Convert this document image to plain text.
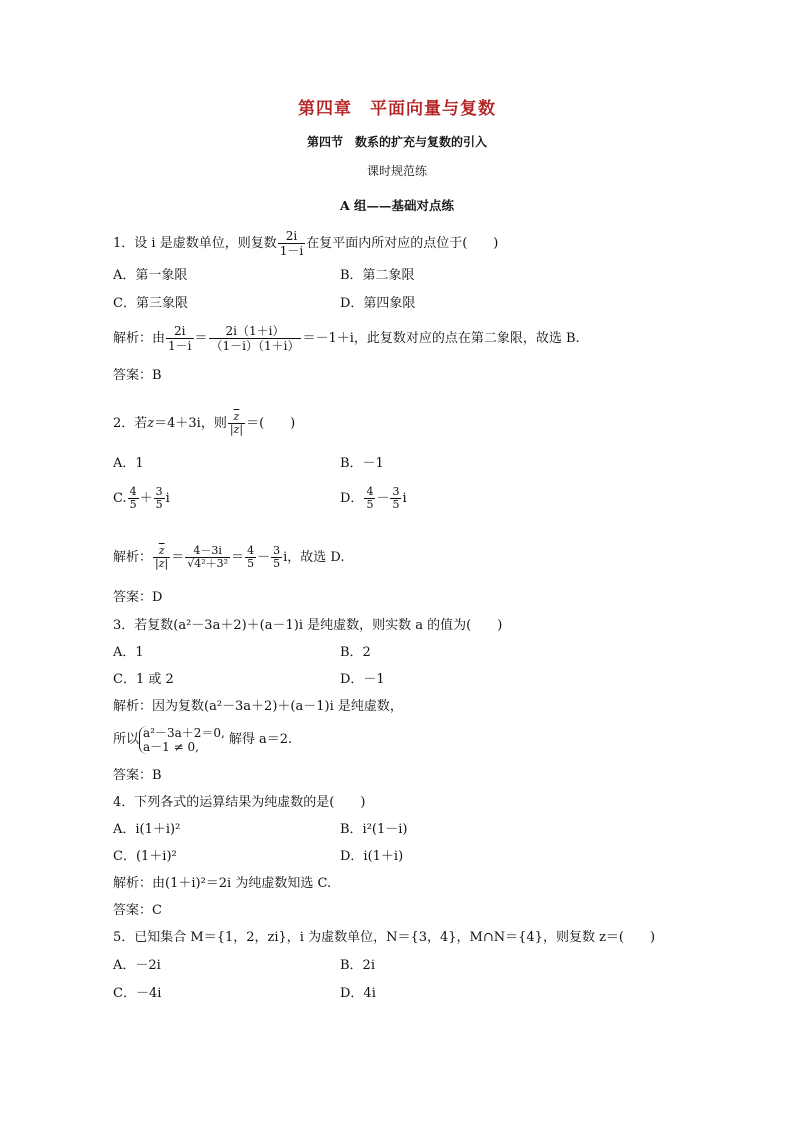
第四章　平面向量与复数
第四节　数系的扩充与复数的引入
课时规范练
A 组——基础对点练
1．设 i 是虚数单位，则复数 $\frac{2i}{1-i}$ 在复平面内所对应的点位于(　　)
A．第一象限	B．第二象限
C．第三象限	D．第四象限
解析：由 $\frac{2i}{1-i} = \frac{2i(1+i)}{(1-i)(1+i)} =-1+i$，此复数对应的点在第二象限，故选 B.
答案：B
2．若z＝4＋3i，则 $\frac{\overline{z}}{|z|}$ ＝(　　)
A．1	B．－1
C. $\frac{4}{5} + \frac{3}{5}$ i	D． $\frac{4}{5} - \frac{3}{5}$ i
解析： $\frac{\overline{z}}{|z|} = \frac{4-3i}{\text{√4²＋3²}} = \frac{4}{5} - \frac{3}{5}$ i，故选 D.
答案：D
3．若复数(a²－3a＋2)＋(a－1)i 是纯虚数，则实数 a 的值为(　　)
A．1	B．2
C．1 或 2	D．－1
解析：因为复数(a²－3a＋2)＋(a－1)i 是纯虚数，
所以 a²－3a＋2＝0,
a－1 ≠ 0,	解得 a＝2.
答案：B
4．下列各式的运算结果为纯虚数的是(　　)
A．i(1＋i)²	B．i²(1－i)
C．(1＋i)²	D．i(1＋i)
解析：由(1＋i)²＝2i 为纯虚数知选 C.
答案：C
5．已知集合 M＝{1，2，zi}，i 为虚数单位，N＝{3，4}，M∩N＝{4}，则复数 z＝(　　)
A．－2i	B．2i
C．－4i	D．4i
